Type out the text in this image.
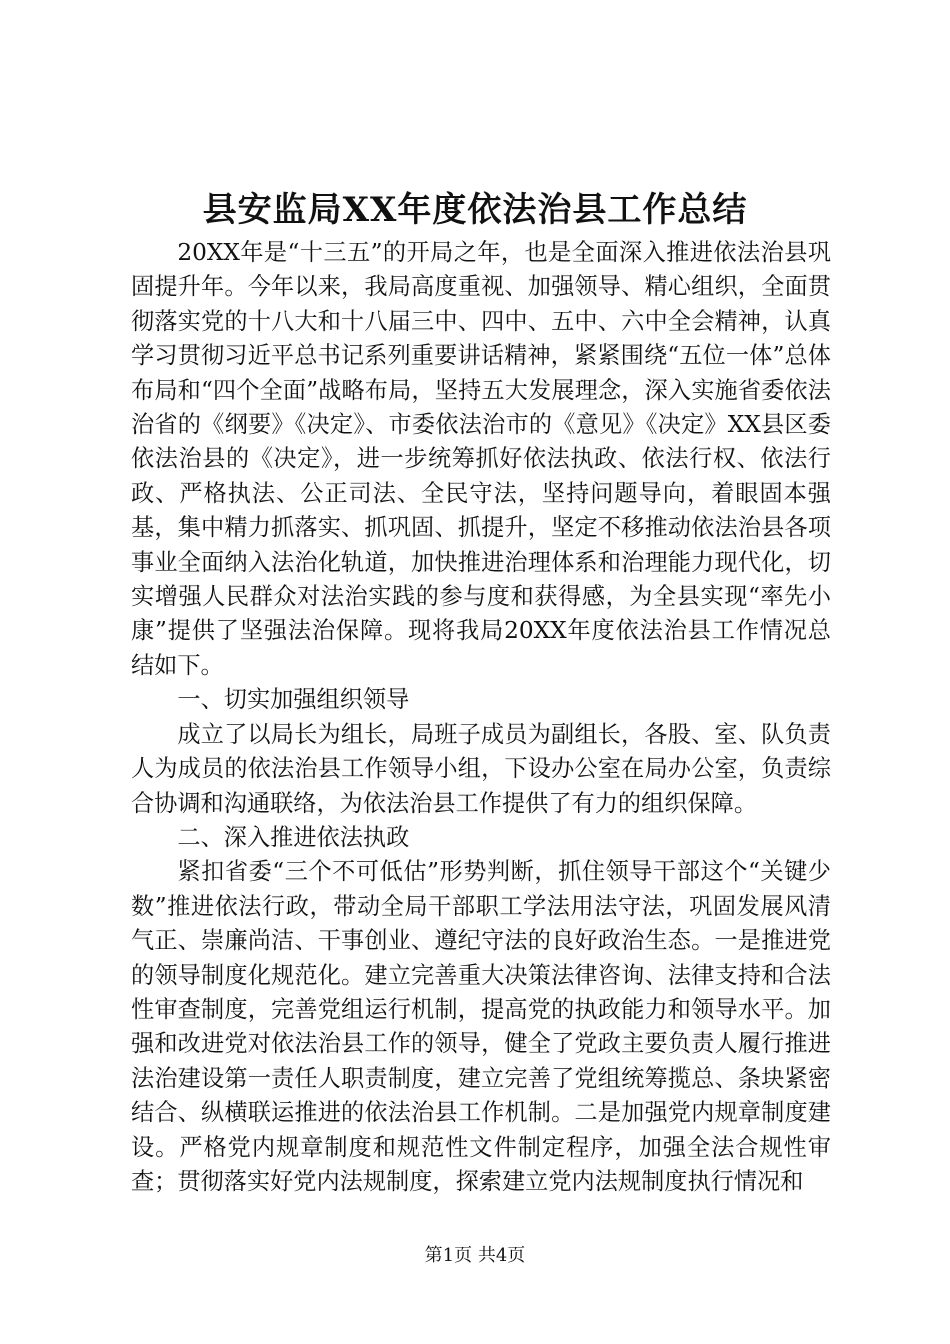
县安监局XX年度依法治县工作总结

20XX年是“十三五”的开局之年，也是全面深入推进依法治县巩固提升年。今年以来，我局高度重视、加强领导、精心组织，全面贯彻落实党的十八大和十八届三中、四中、五中、六中全会精神，认真学习贯彻习近平总书记系列重要讲话精神，紧紧围绕“五位一体”总体布局和“四个全面”战略布局，坚持五大发展理念，深入实施省委依法治省的《纲要》《决定》、市委依法治市的《意见》《决定》XX县区委依法治县的《决定》，进一步统筹抓好依法执政、依法行权、依法行政、严格执法、公正司法、全民守法，坚持问题导向，着眼固本强基，集中精力抓落实、抓巩固、抓提升，坚定不移推动依法治县各项事业全面纳入法治化轨道，加快推进治理体系和治理能力现代化，切实增强人民群众对法治实践的参与度和获得感，为全县实现“率先小康”提供了坚强法治保障。现将我局20XX年度依法治县工作情况总结如下。

一、切实加强组织领导

成立了以局长为组长，局班子成员为副组长，各股、室、队负责人为成员的依法治县工作领导小组，下设办公室在局办公室，负责综合协调和沟通联络，为依法治县工作提供了有力的组织保障。

二、深入推进依法执政

紧扣省委“三个不可低估”形势判断，抓住领导干部这个“关键少数”推进依法行政，带动全局干部职工学法用法守法，巩固发展风清气正、崇廉尚洁、干事创业、遵纪守法的良好政治生态。一是推进党的领导制度化规范化。建立完善重大决策法律咨询、法律支持和合法性审查制度，完善党组运行机制，提高党的执政能力和领导水平。加强和改进党对依法治县工作的领导，健全了党政主要负责人履行推进法治建设第一责任人职责制度，建立完善了党组统筹揽总、条块紧密结合、纵横联运推进的依法治县工作机制。二是加强党内规章制度建设。严格党内规章制度和规范性文件制定程序，加强全法合规性审查；贯彻落实好党内法规制度，探索建立党内法规制度执行情况和

第1页 共4页
